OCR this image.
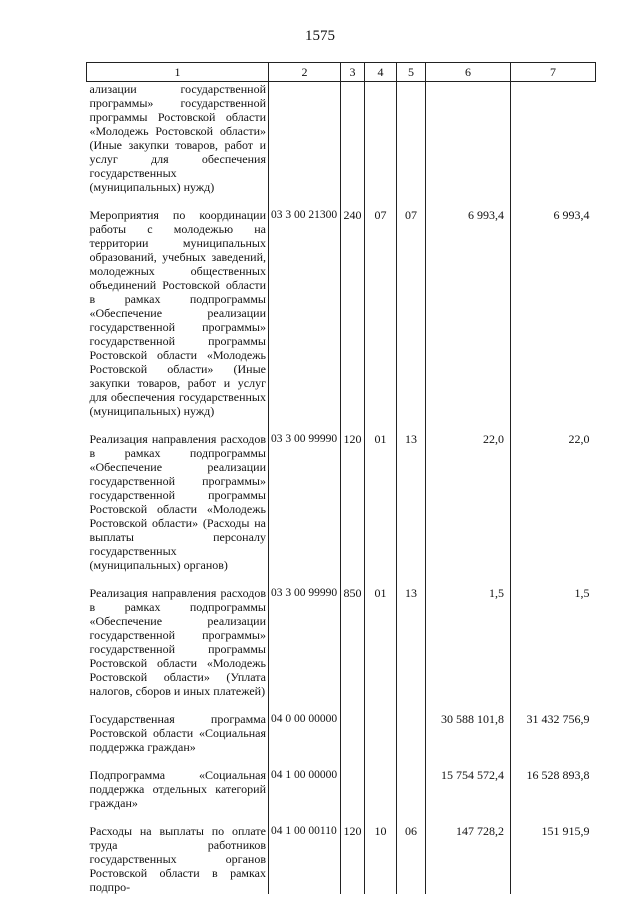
1575
1	2	3	4	5	6	7
ализации государственной программы» государственной программы Ростовской области «Молодежь Ростовской области» (Иные закупки товаров, работ и услуг для обеспечения государственных (муниципальных) нужд)						
Мероприятия по координации работы с молодежью на территории муниципальных образований, учебных заведений, молодежных общественных объединений Ростовской области в рамках подпрограммы «Обеспечение реализации государственной программы» государственной программы Ростовской области «Молодежь Ростовской области» (Иные закупки товаров, работ и услуг для обеспечения государственных (муниципальных) нужд)	03 3 00 21300	240	07	07	6 993,4	6 993,4
Реализация направления расходов в рамках подпрограммы «Обеспечение реализации государственной программы» государственной программы Ростовской области «Молодежь Ростовской области» (Расходы на выплаты персоналу государственных (муниципальных) органов)	03 3 00 99990	120	01	13	22,0	22,0
Реализация направления расходов в рамках подпрограммы «Обеспечение реализации государственной программы» государственной программы Ростовской области «Молодежь Ростовской области» (Уплата налогов, сборов и иных платежей)	03 3 00 99990	850	01	13	1,5	1,5
Государственная программа Ростовской области «Социальная поддержка граждан»	04 0 00 00000				30 588 101,8	31 432 756,9
Подпрограмма «Социальная поддержка отдельных категорий граждан»	04 1 00 00000				15 754 572,4	16 528 893,8
Расходы на выплаты по оплате труда работников государственных органов Ростовской области в рамках подпро-	04 1 00 00110	120	10	06	147 728,2	151 915,9
